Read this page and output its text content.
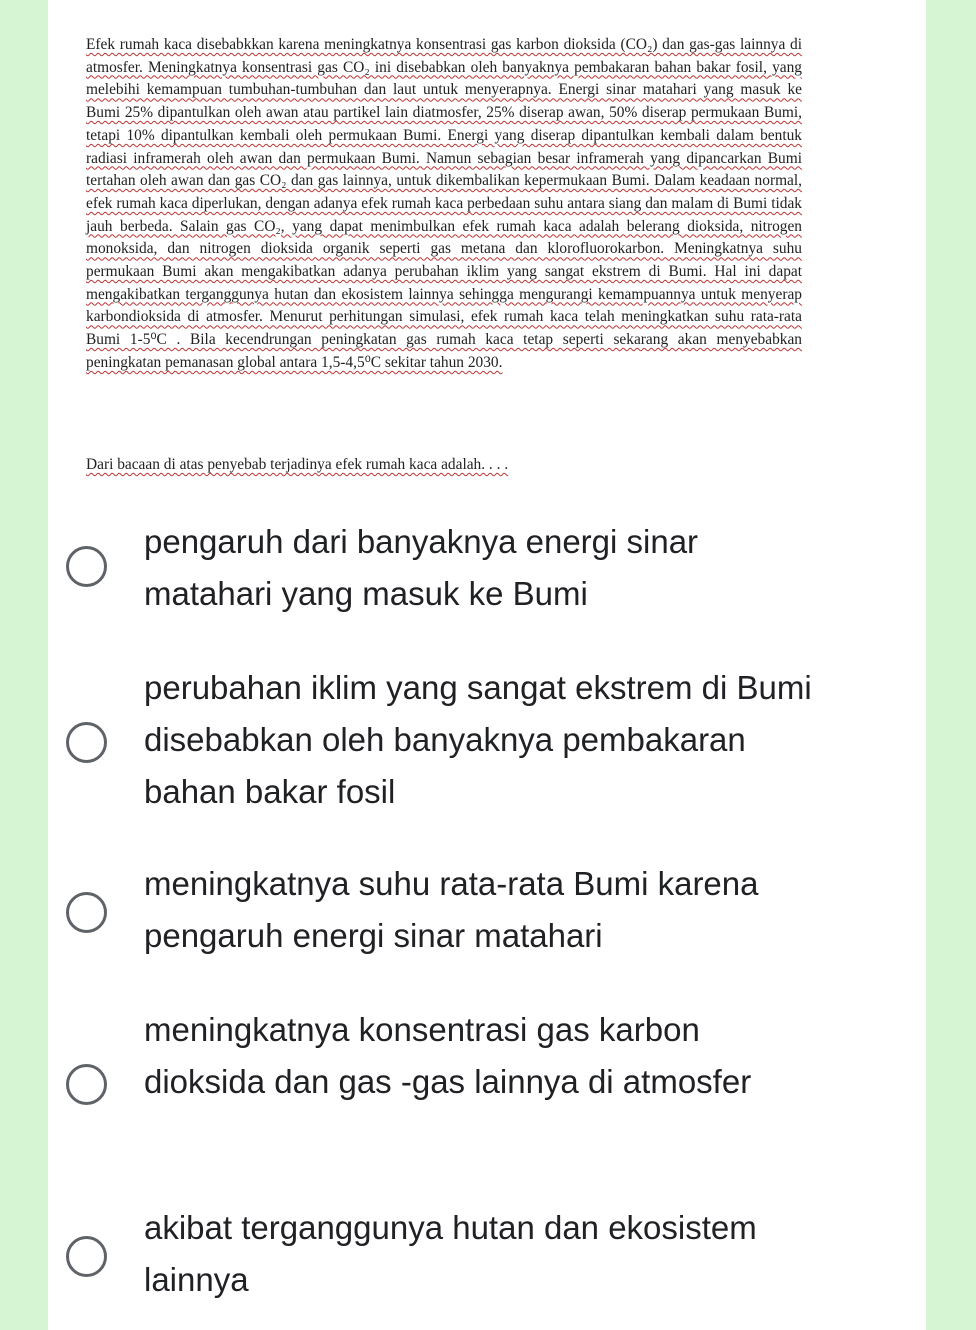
Efek rumah kaca disebabkkan karena meningkatnya konsentrasi gas karbon dioksida (CO₂) dan gas-gas lainnya di atmosfer. Meningkatnya konsentrasi gas CO₂ ini disebabkan oleh banyaknya pembakaran bahan bakar fosil, yang melebihi kemampuan tumbuhan-tumbuhan dan laut untuk menyerapnya. Energi sinar matahari yang masuk ke Bumi 25% dipantulkan oleh awan atau partikel lain diatmosfer, 25% diserap awan, 50% diserap permukaan Bumi, tetapi 10% dipantulkan kembali oleh permukaan Bumi. Energi yang diserap dipantulkan kembali dalam bentuk radiasi inframerah oleh awan dan permukaan Bumi. Namun sebagian besar inframerah yang dipancarkan Bumi tertahan oleh awan dan gas CO₂ dan gas lainnya, untuk dikembalikan kepermukaan Bumi. Dalam keadaan normal, efek rumah kaca diperlukan, dengan adanya efek rumah kaca perbedaan suhu antara siang dan malam di Bumi tidak jauh berbeda. Salain gas CO₂, yang dapat menimbulkan efek rumah kaca adalah belerang dioksida, nitrogen monoksida, dan nitrogen dioksida organik seperti gas metana dan klorofluorokarbon. Meningkatnya suhu permukaan Bumi akan mengakibatkan adanya perubahan iklim yang sangat ekstrem di Bumi. Hal ini dapat mengakibatkan terganggunya hutan dan ekosistem lainnya sehingga mengurangi kemampuannya untuk menyerap karbondioksida di atmosfer. Menurut perhitungan simulasi, efek rumah kaca telah meningkatkan suhu rata-rata Bumi 1-5⁰C . Bila kecendrungan peningkatan gas rumah kaca tetap seperti sekarang akan menyebabkan peningkatan pemanasan global antara 1,5-4,5⁰C sekitar tahun 2030.

Dari bacaan di atas penyebab terjadinya efek rumah kaca adalah. . . .
pengaruh dari banyaknya energi sinar matahari yang masuk ke Bumi
perubahan iklim yang sangat ekstrem di Bumi disebabkan oleh banyaknya pembakaran bahan bakar fosil
meningkatnya suhu rata-rata Bumi karena pengaruh energi sinar matahari
meningkatnya konsentrasi gas karbon dioksida dan gas -gas lainnya di atmosfer
akibat terganggunya hutan dan ekosistem lainnya
